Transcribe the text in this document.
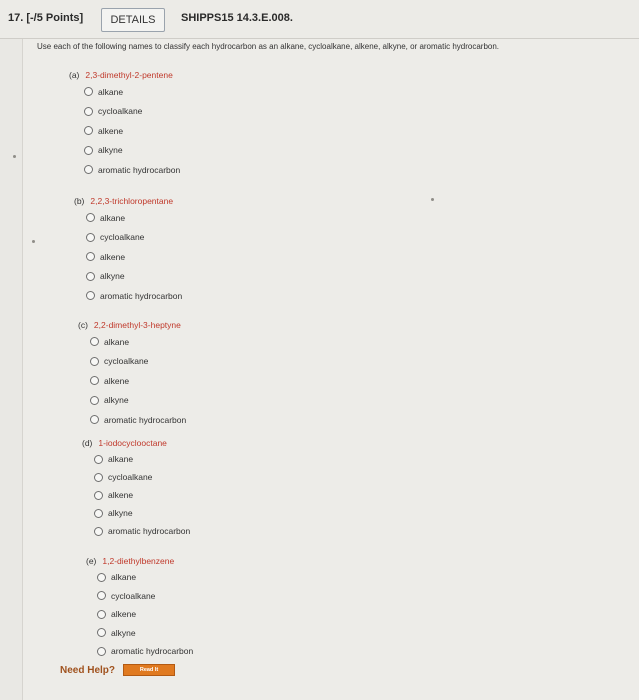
17. [-/5 Points]	DETAILS	SHIPPS15 14.3.E.008.
Use each of the following names to classify each hydrocarbon as an alkane, cycloalkane, alkene, alkyne, or aromatic hydrocarbon.
(a) 2,3-dimethyl-2-pentene
alkane
cycloalkane
alkene
alkyne
aromatic hydrocarbon
(b) 2,2,3-trichloropentane
alkane
cycloalkane
alkene
alkyne
aromatic hydrocarbon
(c) 2,2-dimethyl-3-heptyne
alkane
cycloalkane
alkene
alkyne
aromatic hydrocarbon
(d) 1-iodocyclooctane
alkane
cycloalkane
alkene
alkyne
aromatic hydrocarbon
(e) 1,2-diethylbenzene
alkane
cycloalkane
alkene
alkyne
aromatic hydrocarbon
Need Help?	Read It
